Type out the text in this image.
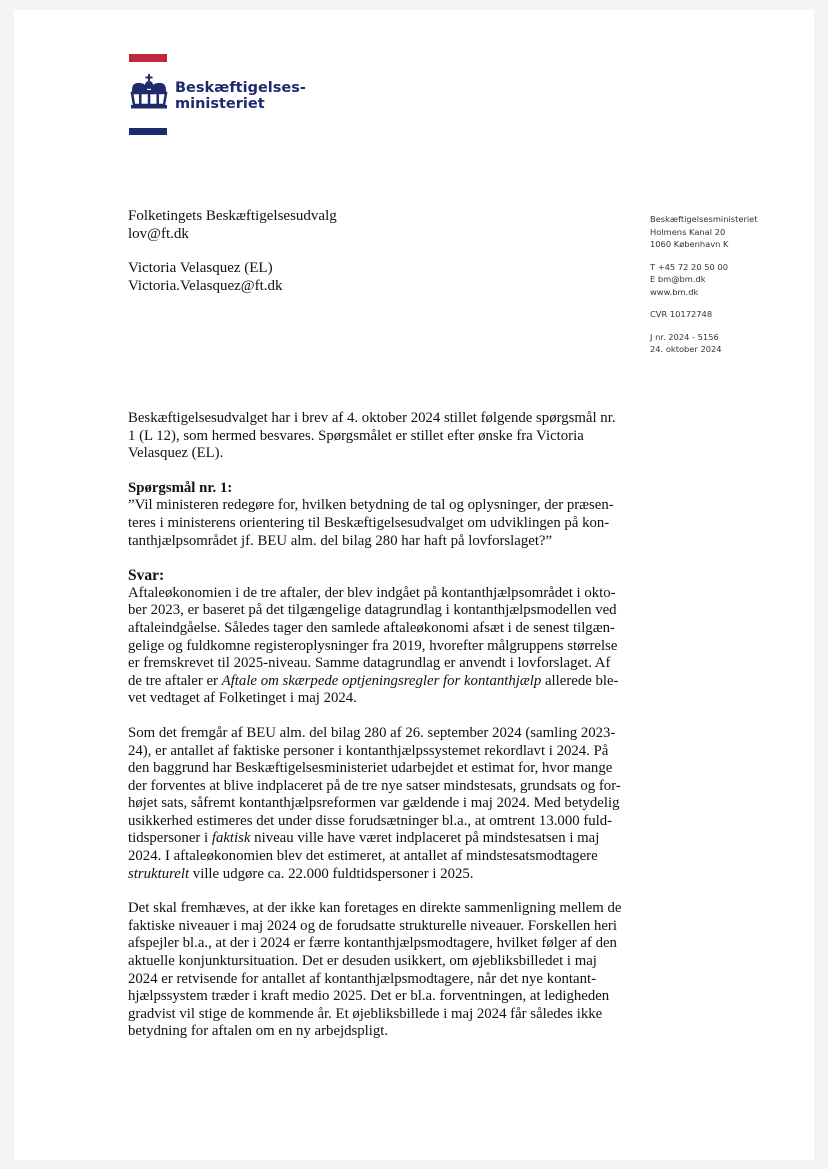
Beskæftigelses-
ministeriet
Folketingets Beskæftigelsesudvalg
lov@ft.dk
Victoria Velasquez (EL)
Victoria.Velasquez@ft.dk
Beskæftigelsesministeriet
Holmens Kanal 20
1060 København K
T +45 72 20 50 00
E bm@bm.dk
www.bm.dk
CVR 10172748
J nr. 2024 - 5156
24. oktober 2024

Beskæftigelsesudvalget har i brev af 4. oktober 2024 stillet følgende spørgsmål nr.
1 (L 12), som hermed besvares. Spørgsmålet er stillet efter ønske fra Victoria
Velasquez (EL).

Spørgsmål nr. 1:
”Vil ministeren redegøre for, hvilken betydning de tal og oplysninger, der præsen-
teres i ministerens orientering til Beskæftigelsesudvalget om udviklingen på kon-
tanthjælpsområdet jf. BEU alm. del bilag 280 har haft på lovforslaget?”

Svar:
Aftaleøkonomien i de tre aftaler, der blev indgået på kontanthjælpsområdet i okto-
ber 2023, er baseret på det tilgængelige datagrundlag i kontanthjælpsmodellen ved
aftaleindgåelse. Således tager den samlede aftaleøkonomi afsæt i de senest tilgæn-
gelige og fuldkomne registeroplysninger fra 2019, hvorefter målgruppens størrelse
er fremskrevet til 2025-niveau. Samme datagrundlag er anvendt i lovforslaget. Af
de tre aftaler er Aftale om skærpede optjeningsregler for kontanthjælp allerede ble-
vet vedtaget af Folketinget i maj 2024.

Som det fremgår af BEU alm. del bilag 280 af 26. september 2024 (samling 2023-
24), er antallet af faktiske personer i kontanthjælpssystemet rekordlavt i 2024. På
den baggrund har Beskæftigelsesministeriet udarbejdet et estimat for, hvor mange
der forventes at blive indplaceret på de tre nye satser mindstesats, grundsats og for-
højet sats, såfremt kontanthjælpsreformen var gældende i maj 2024. Med betydelig
usikkerhed estimeres det under disse forudsætninger bl.a., at omtrent 13.000 fuld-
tidspersoner i faktisk niveau ville have været indplaceret på mindstesatsen i maj
2024. I aftaleøkonomien blev det estimeret, at antallet af mindstesatsmodtagere
strukturelt ville udgøre ca. 22.000 fuldtidspersoner i 2025.

Det skal fremhæves, at der ikke kan foretages en direkte sammenligning mellem de
faktiske niveauer i maj 2024 og de forudsatte strukturelle niveauer. Forskellen heri
afspejler bl.a., at der i 2024 er færre kontanthjælpsmodtagere, hvilket følger af den
aktuelle konjunktursituation. Det er desuden usikkert, om øjebliksbilledet i maj
2024 er retvisende for antallet af kontanthjælpsmodtagere, når det nye kontant-
hjælpssystem træder i kraft medio 2025. Det er bl.a. forventningen, at ledigheden
gradvist vil stige de kommende år. Et øjebliksbillede i maj 2024 får således ikke
betydning for aftalen om en ny arbejdspligt.
